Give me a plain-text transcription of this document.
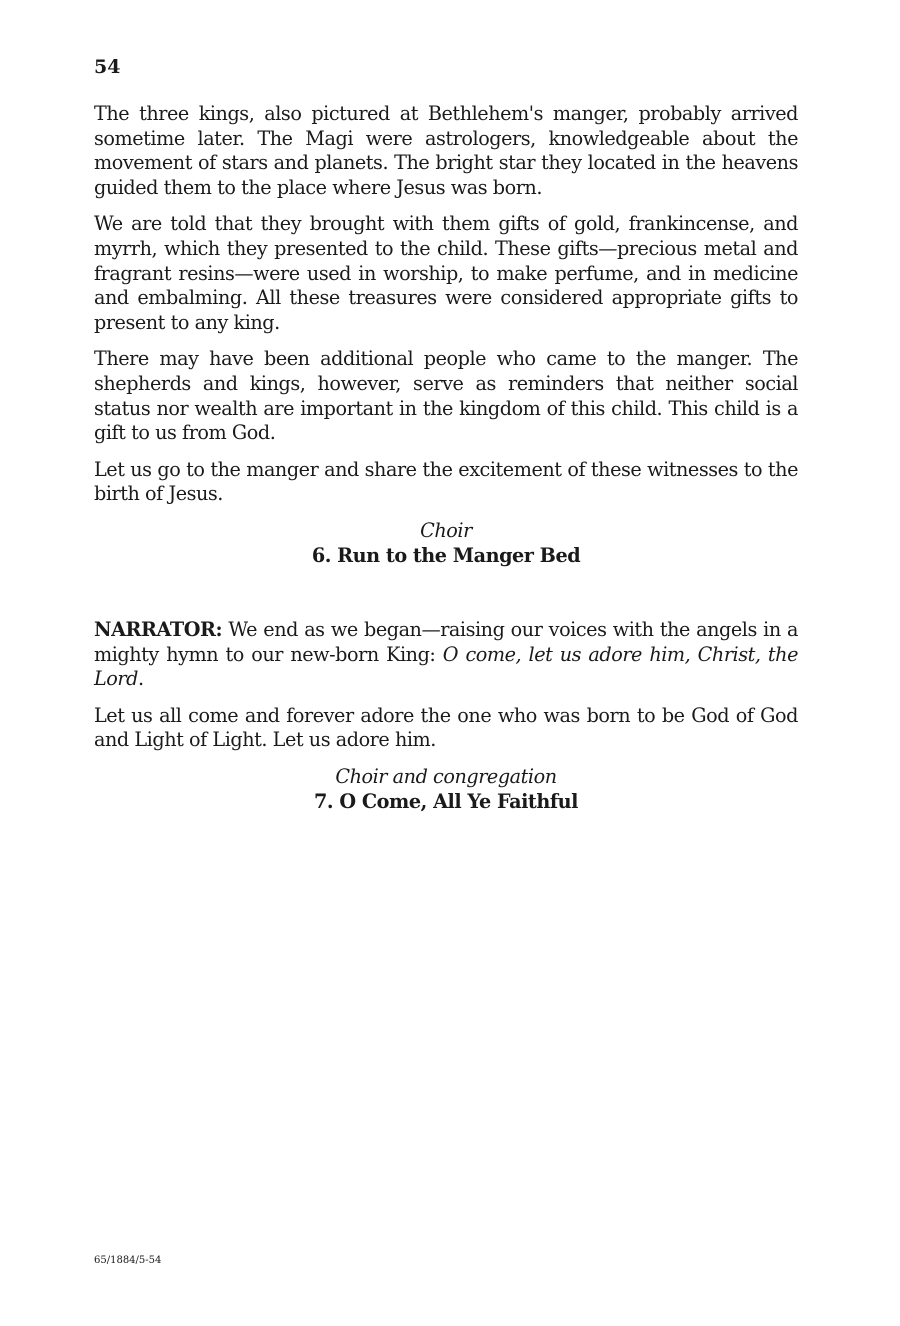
54

The three kings, also pictured at Bethlehem's manger, probably arrived sometime later. The Magi were astrologers, knowledgeable about the movement of stars and planets. The bright star they located in the heavens guided them to the place where Jesus was born.

We are told that they brought with them gifts of gold, frankincense, and myrrh, which they presented to the child. These gifts—precious metal and fragrant resins—were used in worship, to make perfume, and in medicine and embalming. All these treasures were considered appropriate gifts to present to any king.

There may have been additional people who came to the manger. The shepherds and kings, however, serve as reminders that neither social status nor wealth are important in the kingdom of this child. This child is a gift to us from God.

Let us go to the manger and share the excitement of these witnesses to the birth of Jesus.

Choir
6. Run to the Manger Bed

NARRATOR: We end as we began—raising our voices with the angels in a mighty hymn to our new-born King: O come, let us adore him, Christ, the Lord.

Let us all come and forever adore the one who was born to be God of God and Light of Light. Let us adore him.

Choir and congregation
7. O Come, All Ye Faithful
65/1884/5-54
